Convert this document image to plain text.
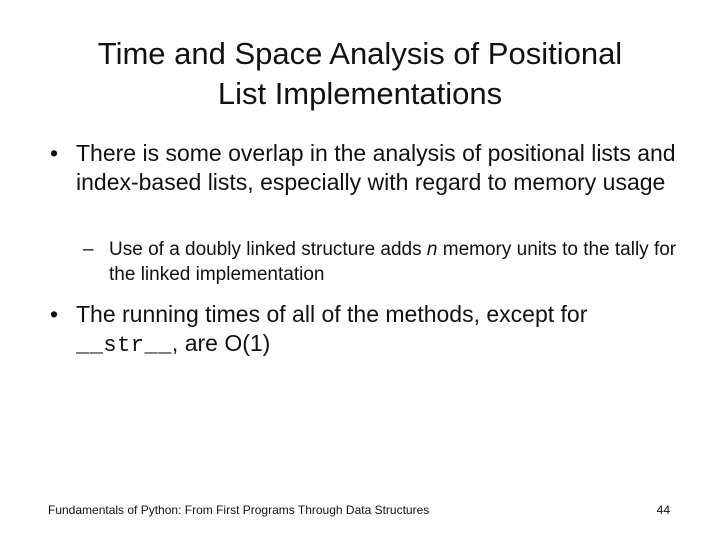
Time and Space Analysis of Positional
List Implementations
• There is some overlap in the analysis of positional lists and index-based lists, especially with regard to memory usage
– Use of a doubly linked structure adds n memory units to the tally for the linked implementation
• The running times of all of the methods, except for
__str__, are O(1)
Fundamentals of Python: From First Programs Through Data Structures	44
